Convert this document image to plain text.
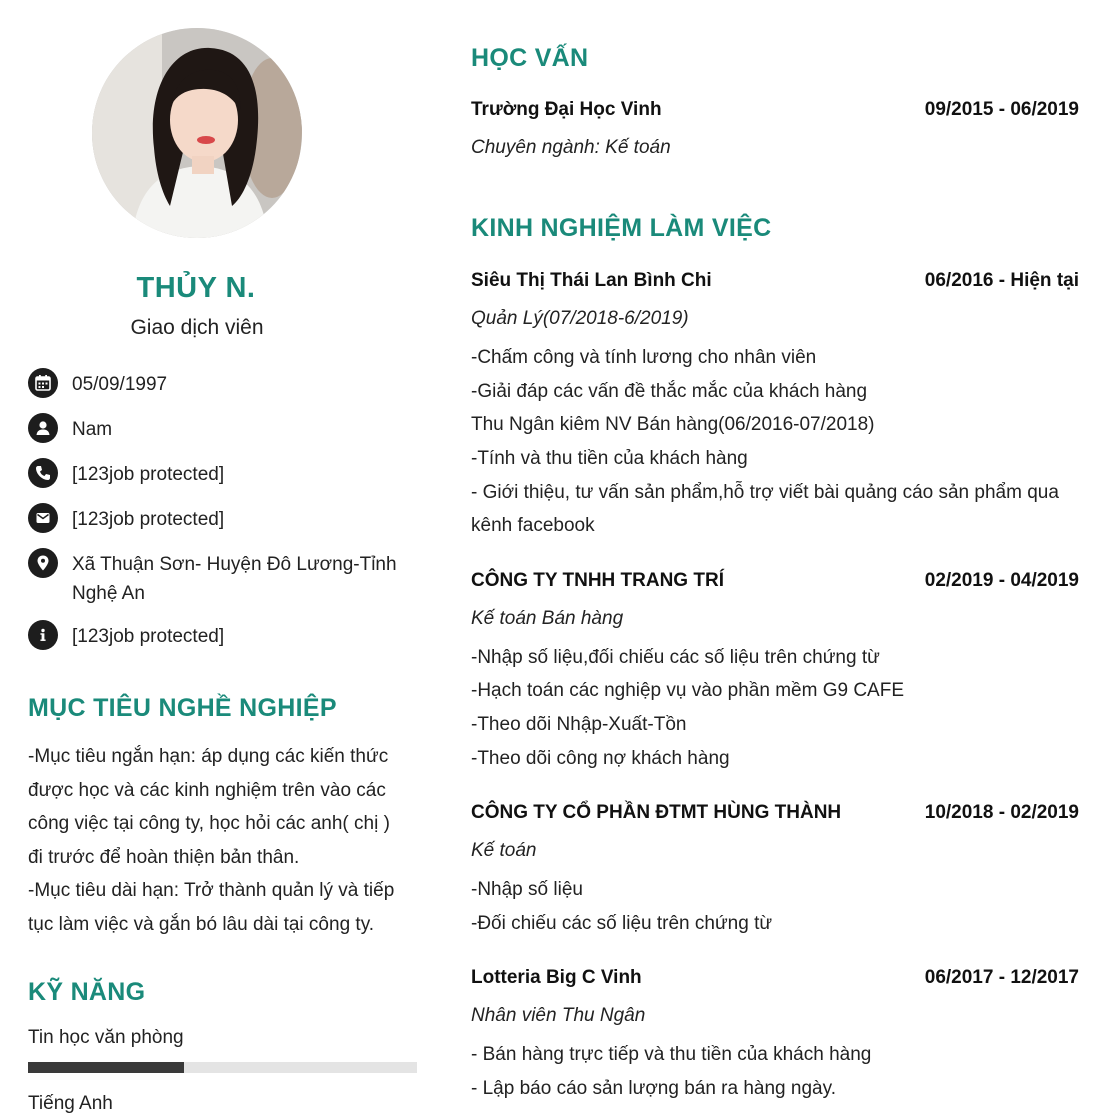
THỦY N.
Giao dịch viên
05/09/1997
Nam
[123job protected]
[123job protected]
Xã Thuận Sơn- Huyện Đô Lương-Tỉnh Nghệ An
[123job protected]
MỤC TIÊU NGHỀ NGHIỆP
-Mục tiêu ngắn hạn: áp dụng các kiến thức
được học và các kinh nghiệm trên vào các
công việc tại công ty, học hỏi các anh( chị )
đi trước để hoàn thiện bản thân.
-Mục tiêu dài hạn: Trở thành quản lý và tiếp
tục làm việc và gắn bó lâu dài tại công ty.
KỸ NĂNG
Tin học văn phòng
Tiếng Anh
HỌC VẤN
Trường Đại Học Vinh	09/2015 - 06/2019
Chuyên ngành: Kế toán
KINH NGHIỆM LÀM VIỆC
Siêu Thị Thái Lan Bình Chi	06/2016 - Hiện tại
Quản Lý(07/2018-6/2019)
-Chấm công và tính lương cho nhân viên
-Giải đáp các vấn đề thắc mắc của khách hàng
Thu Ngân kiêm NV Bán hàng(06/2016-07/2018)
-Tính và thu tiền của khách hàng
- Giới thiệu, tư vấn sản phẩm,hỗ trợ viết bài quảng cáo sản phẩm qua
kênh facebook
CÔNG TY TNHH TRANG TRÍ	02/2019 - 04/2019
Kế toán Bán hàng
-Nhập số liệu,đối chiếu các số liệu trên chứng từ
-Hạch toán các nghiệp vụ vào phần mềm G9 CAFE
-Theo dõi Nhập-Xuất-Tồn
-Theo dõi công nợ khách hàng
CÔNG TY CỔ PHẦN ĐTMT HÙNG THÀNH	10/2018 - 02/2019
Kế toán
-Nhập số liệu
-Đối chiếu các số liệu trên chứng từ
Lotteria Big C Vinh	06/2017 - 12/2017
Nhân viên Thu Ngân
- Bán hàng trực tiếp và thu tiền của khách hàng
- Lập báo cáo sản lượng bán ra hàng ngày.
